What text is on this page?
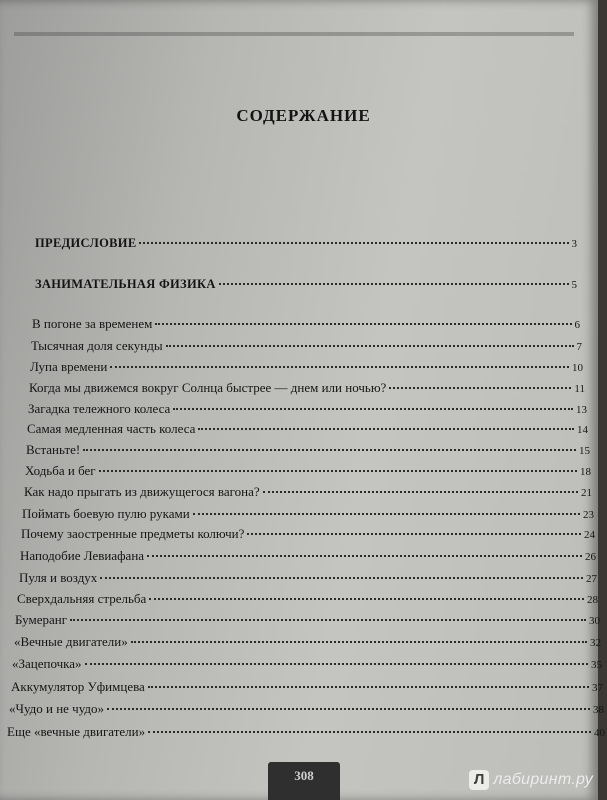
СОДЕРЖАНИЕ
ПРЕДИСЛОВИЕ	3
ЗАНИМАТЕЛЬНАЯ ФИЗИКА	5
В погоне за временем	6
Тысячная доля секунды	7
Лупа времени	10
Когда мы движемся вокруг Солнца быстрее — днем или ночью?	11
Загадка тележного колеса	13
Самая медленная часть колеса	14
Встаньте!	15
Ходьба и бег	18
Как надо прыгать из движущегося вагона?	21
Поймать боевую пулю руками	23
Почему заостренные предметы колючи?	24
Наподобие Левиафана	26
Пуля и воздух	27
Сверхдальняя стрельба	28
Бумеранг	30
«Вечные двигатели»	32
«Зацепочка»	35
Аккумулятор Уфимцева	37
«Чудо и не чудо»	38
Еще «вечные двигатели»	40
308	Л лабиринт.ру
